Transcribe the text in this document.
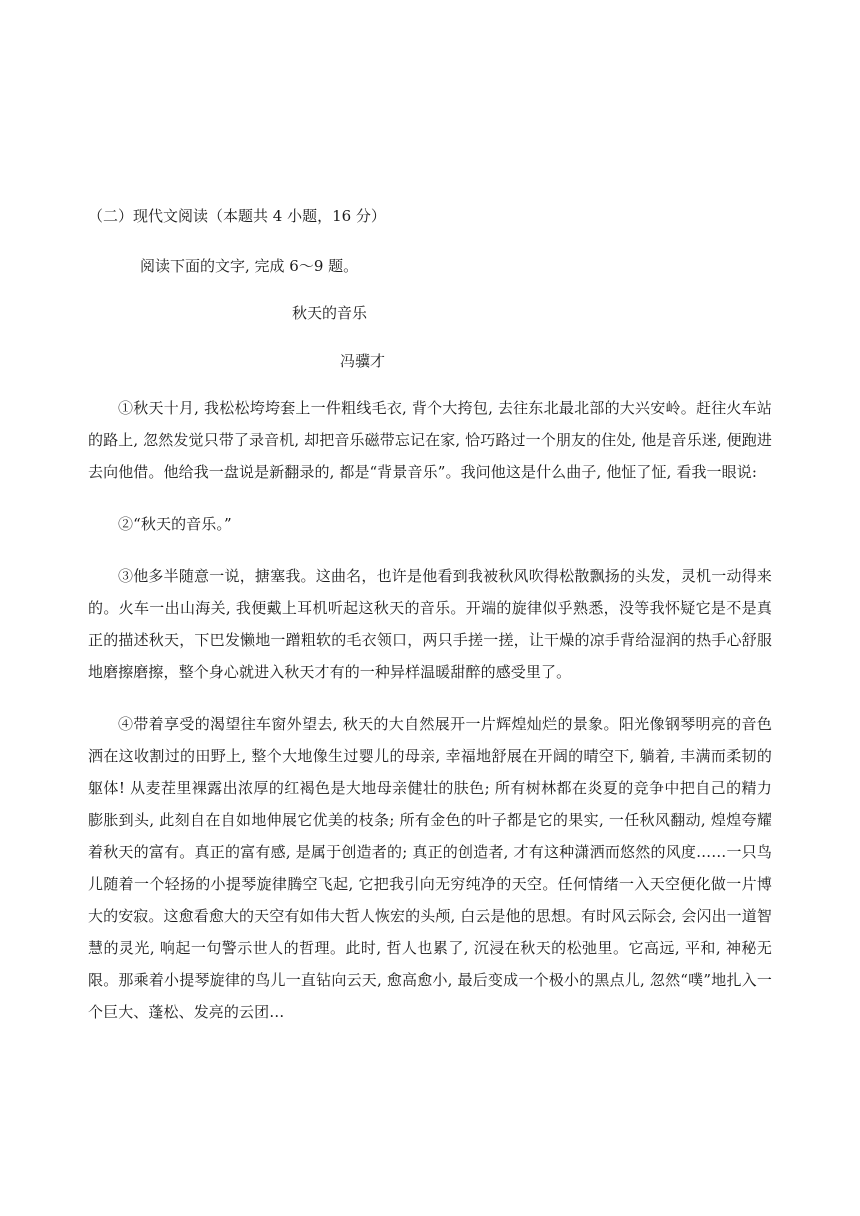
（二）现代文阅读（本题共 4 小题，16 分）
阅读下面的文字, 完成 6～9 题。
秋天的音乐
冯骥才

①秋天十月, 我松松垮垮套上一件粗线毛衣, 背个大挎包, 去往东北最北部的大兴安岭。赶往火车站的路上, 忽然发觉只带了录音机, 却把音乐磁带忘记在家, 恰巧路过一个朋友的住处, 他是音乐迷, 便跑进去向他借。他给我一盘说是新翻录的, 都是“背景音乐”。我问他这是什么曲子, 他怔了怔, 看我一眼说:

②“秋天的音乐。”

③他多半随意一说，搪塞我。这曲名，也许是他看到我被秋风吹得松散飘扬的头发，灵机一动得来的。火车一出山海关, 我便戴上耳机听起这秋天的音乐。开端的旋律似乎熟悉，没等我怀疑它是不是真正的描述秋天，下巴发懒地一蹭粗软的毛衣领口，两只手搓一搓，让干燥的凉手背给湿润的热手心舒服地磨擦磨擦，整个身心就进入秋天才有的一种异样温暖甜醉的感受里了。

④带着享受的渴望往车窗外望去, 秋天的大自然展开一片辉煌灿烂的景象。阳光像钢琴明亮的音色洒在这收割过的田野上, 整个大地像生过婴儿的母亲, 幸福地舒展在开阔的晴空下, 躺着, 丰满而柔韧的躯体! 从麦茬里裸露出浓厚的红褐色是大地母亲健壮的肤色; 所有树林都在炎夏的竞争中把自己的精力膨胀到头, 此刻自在自如地伸展它优美的枝条; 所有金色的叶子都是它的果实, 一任秋风翻动, 煌煌夸耀着秋天的富有。真正的富有感, 是属于创造者的; 真正的创造者, 才有这种潇洒而悠然的风度……一只鸟儿随着一个轻扬的小提琴旋律腾空飞起, 它把我引向无穷纯净的天空。任何情绪一入天空便化做一片博大的安寂。这愈看愈大的天空有如伟大哲人恢宏的头颅, 白云是他的思想。有时风云际会, 会闪出一道智慧的灵光, 响起一句警示世人的哲理。此时, 哲人也累了, 沉浸在秋天的松弛里。它高远, 平和, 神秘无限。那乘着小提琴旋律的鸟儿一直钻向云天, 愈高愈小, 最后变成一个极小的黑点儿, 忽然“噗”地扎入一个巨大、蓬松、发亮的云团…
